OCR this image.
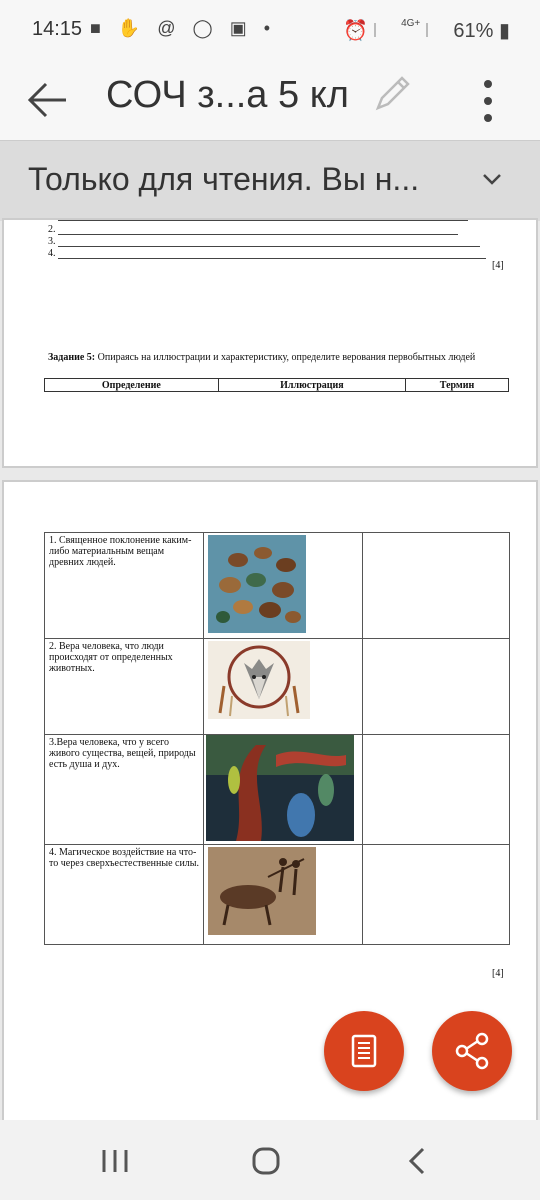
14:15 ■ ✋ @ ◯ ▣ •	⏰	$^{4G+}$ 61% ▮
СОЧ з...а 5 кл
Только для чтения. Вы н...
2.
3.
4.
[4]
Задание 5: Опираясь на иллюстрации и характеристику, определите верования первобытных людей
Определение	Иллюстрация	Термин
1. Священное поклонение каким-либо материальным вещам древних людей.		
2. Вера человека, что люди происходят от определенных животных.		
3.Вера человека, что у всего живого существа, вещей, природы есть душа и дух.		
4. Магическое воздействие на что-то через сверхъестественные силы.		
[4]
